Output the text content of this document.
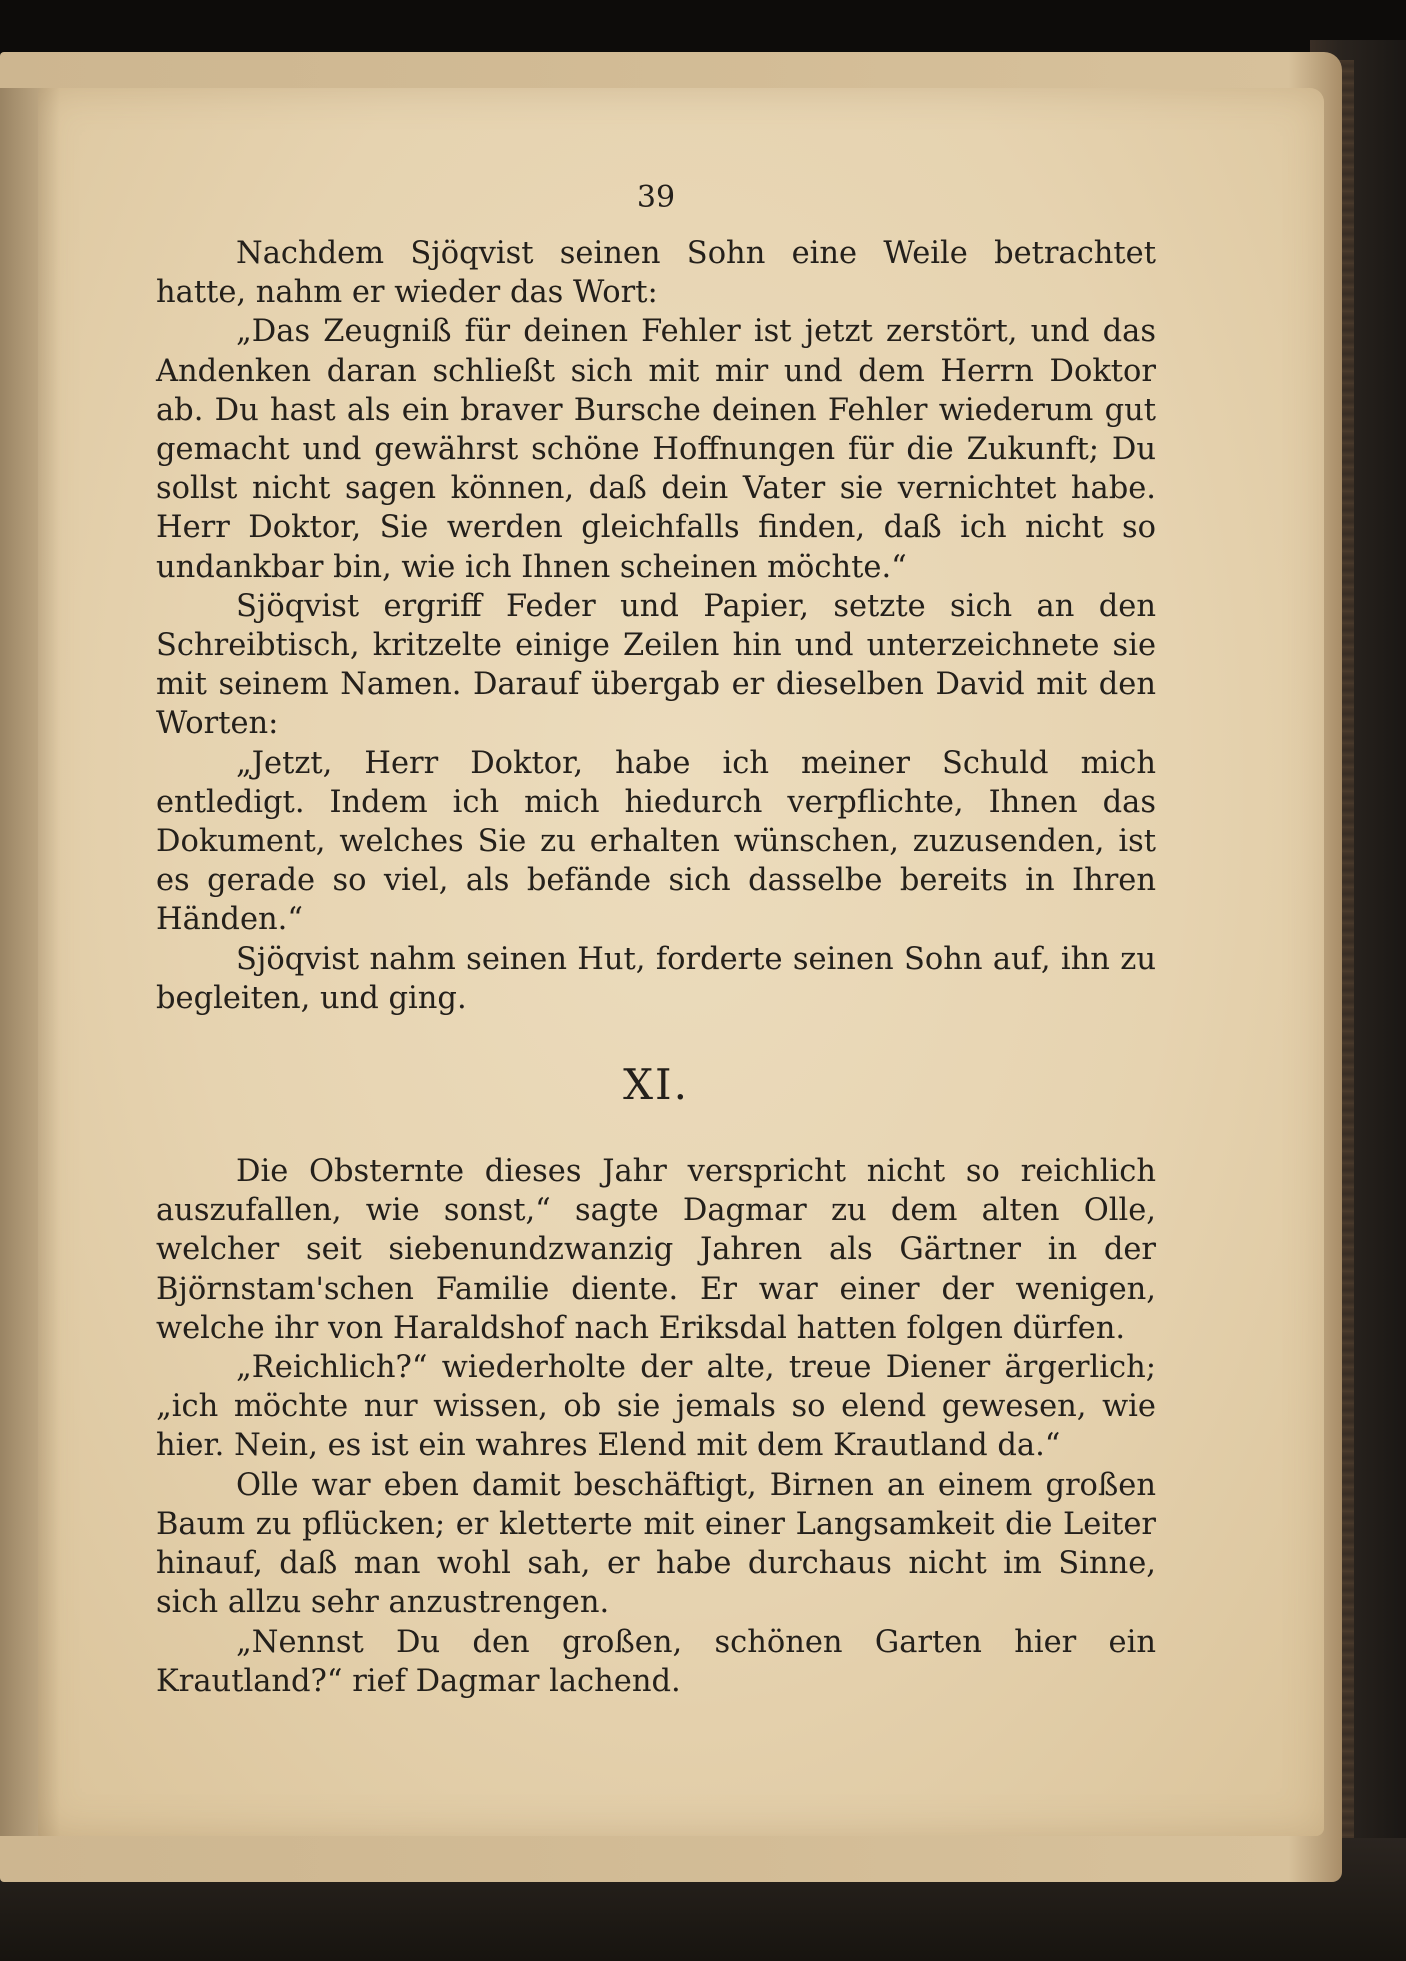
39

Nachdem Sjöqvist seinen Sohn eine Weile betrachtet hatte, nahm er wieder das Wort:

„Das Zeugniß für deinen Fehler ist jetzt zerstört, und das Andenken daran schließt sich mit mir und dem Herrn Doktor ab. Du hast als ein braver Bursche deinen Fehler wiederum gut gemacht und gewährst schöne Hoffnungen für die Zukunft; Du sollst nicht sagen können, daß dein Vater sie vernichtet habe. Herr Doktor, Sie werden gleichfalls finden, daß ich nicht so undankbar bin, wie ich Ihnen scheinen möchte.“

Sjöqvist ergriff Feder und Papier, setzte sich an den Schreibtisch, kritzelte einige Zeilen hin und unterzeichnete sie mit seinem Namen. Darauf übergab er dieselben David mit den Worten:

„Jetzt, Herr Doktor, habe ich meiner Schuld mich entledigt. Indem ich mich hiedurch verpflichte, Ihnen das Dokument, welches Sie zu erhalten wünschen, zuzusenden, ist es gerade so viel, als befände sich dasselbe bereits in Ihren Händen.“

Sjöqvist nahm seinen Hut, forderte seinen Sohn auf, ihn zu begleiten, und ging.

XI.

Die Obsternte dieses Jahr verspricht nicht so reichlich auszufallen, wie sonst,“ sagte Dagmar zu dem alten Olle, welcher seit siebenundzwanzig Jahren als Gärtner in der Björnstam'schen Familie diente. Er war einer der wenigen, welche ihr von Haraldshof nach Eriksdal hatten folgen dürfen.

„Reichlich?“ wiederholte der alte, treue Diener ärgerlich; „ich möchte nur wissen, ob sie jemals so elend gewesen, wie hier. Nein, es ist ein wahres Elend mit dem Krautland da.“

Olle war eben damit beschäftigt, Birnen an einem großen Baum zu pflücken; er kletterte mit einer Langsamkeit die Leiter hinauf, daß man wohl sah, er habe durchaus nicht im Sinne, sich allzu sehr anzustrengen.

„Nennst Du den großen, schönen Garten hier ein Krautland?“ rief Dagmar lachend.
